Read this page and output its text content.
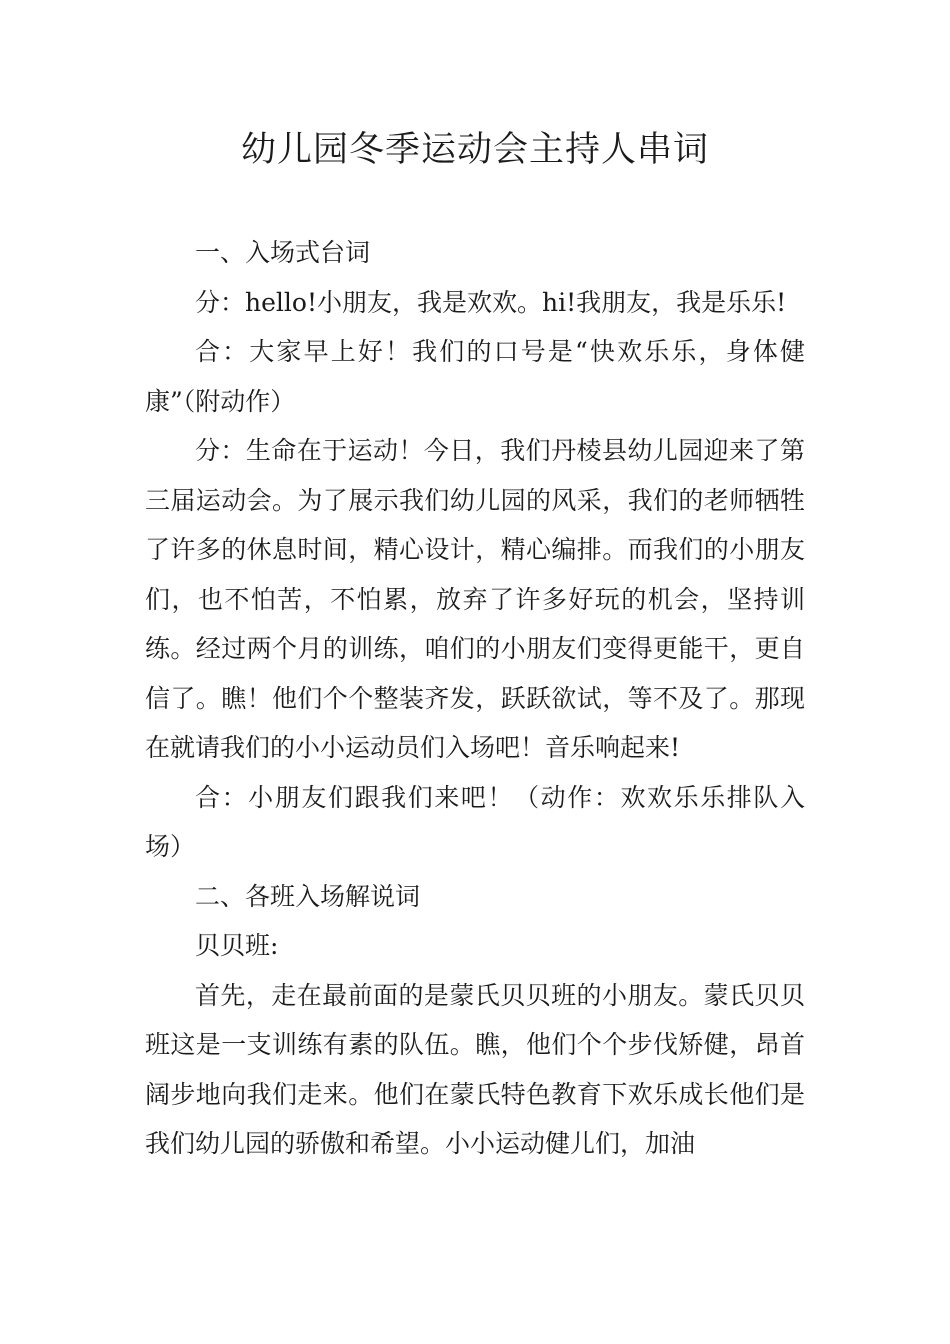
幼儿园冬季运动会主持人串词

一、入场式台词

分：hello!小朋友，我是欢欢。hi!我朋友，我是乐乐!

合：大家早上好！我们的口号是“快欢乐乐，身体健康”（附动作）

分：生命在于运动！今日，我们丹棱县幼儿园迎来了第三届运动会。为了展示我们幼儿园的风采，我们的老师牺牲了许多的休息时间，精心设计，精心编排。而我们的小朋友们，也不怕苦，不怕累，放弃了许多好玩的机会，坚持训练。经过两个月的训练，咱们的小朋友们变得更能干，更自信了。瞧！他们个个整装齐发，跃跃欲试，等不及了。那现在就请我们的小小运动员们入场吧！音乐响起来!

合：小朋友们跟我们来吧！（动作：欢欢乐乐排队入场）

二、各班入场解说词

贝贝班:

首先，走在最前面的是蒙氏贝贝班的小朋友。蒙氏贝贝班这是一支训练有素的队伍。瞧，他们个个步伐矫健，昂首阔步地向我们走来。他们在蒙氏特色教育下欢乐成长他们是我们幼儿园的骄傲和希望。小小运动健儿们，加油
